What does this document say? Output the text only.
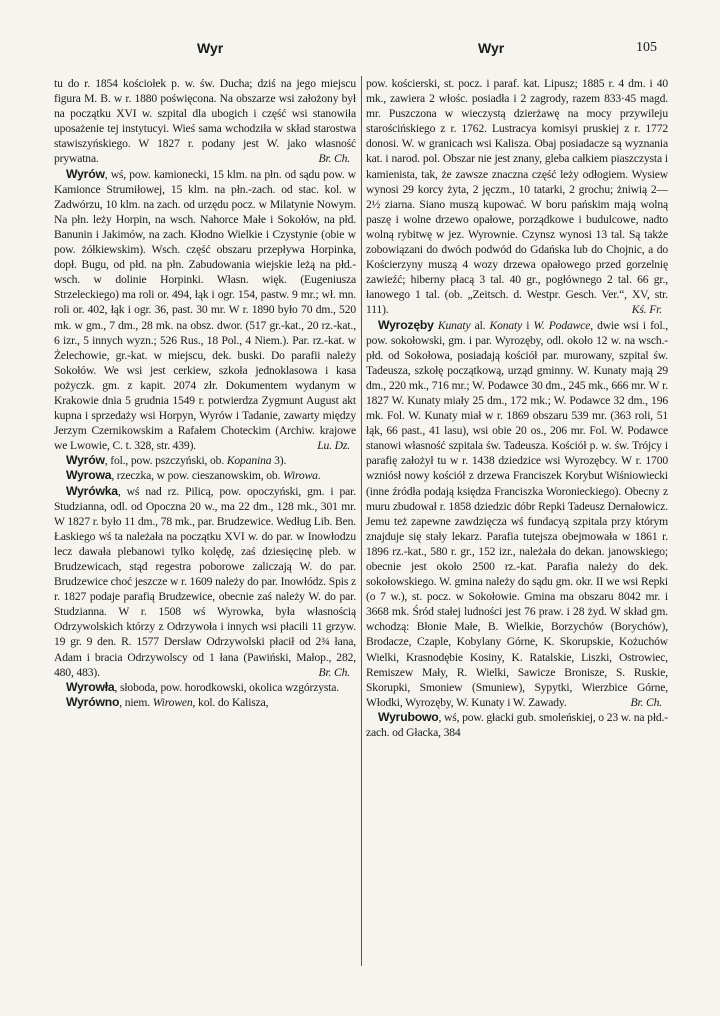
Wyr	Wyr	105

tu do r. 1854 kościołek p. w. św. Ducha; dziś na jego miejscu figura M. B. w r. 1880 poświęcona. Na obszarze wsi założony był na początku XVI w. szpital dla ubogich i część wsi stanowiła uposażenie tej instytucyi. Wieś sama wchodziła w skład starostwa stawiszyńskiego. W 1827 r. podany jest W. jako własność prywatna.	Br. Ch.

Wyrów, wś, pow. kamionecki, 15 klm. na płn. od sądu pow. w Kamionce Strumiłowej, 15 klm. na płn.-zach. od stac. kol. w Zadwórzu, 10 klm. na zach. od urzędu pocz. w Milatynie Nowym. Na płn. leży Horpin, na wsch. Nahorce Małe i Sokołów, na płd. Banunin i Jakimów, na zach. Kłodno Wielkie i Czystynie (obie w pow. żółkiewskim). Wsch. część obszaru przepływa Horpinka, dopł. Bugu, od płd. na płn. Zabudowania wiejskie leżą na płd.-wsch. w dolinie Horpinki. Własn. więk. (Eugeniusza Strzeleckiego) ma roli or. 494, łąk i ogr. 154, pastw. 9 mr.; wł. mn. roli or. 402, łąk i ogr. 36, past. 30 mr. W r. 1890 było 70 dm., 520 mk. w gm., 7 dm., 28 mk. na obsz. dwor. (517 gr.-kat., 20 rz.-kat., 6 izr., 5 innych wyzn.; 526 Rus., 18 Pol., 4 Niem.). Par. rz.-kat. w Żelechowie, gr.-kat. w miejscu, dek. buski. Do parafii należy Sokołów. We wsi jest cerkiew, szkoła jednoklasowa i kasa pożyczk. gm. z kapit. 2074 złr. Dokumentem wydanym w Krakowie dnia 5 grudnia 1549 r. potwierdza Zygmunt August akt kupna i sprzedaży wsi Horpyn, Wyrów i Tadanie, zawarty między Jerzym Czernikowskim a Rafałem Choteckim (Archiw. krajowe we Lwowie, C. t. 328, str. 439).	Lu. Dz.

Wyrów, fol., pow. pszczyński, ob. Kopanina 3).

Wyrowa, rzeczka, w pow. cieszanowskim, ob. Wirowa.

Wyrówka, wś nad rz. Pilicą, pow. opoczyński, gm. i par. Studzianna, odl. od Opoczna 20 w., ma 22 dm., 128 mk., 301 mr. W 1827 r. było 11 dm., 78 mk., par. Brudzewice. Według Lib. Ben. Łaskiego wś ta należała na początku XVI w. do par. w Inowłodzu lecz dawała plebanowi tylko kolędę, zaś dziesięcinę pleb. w Brudzewicach, stąd regestra poborowe zaliczają W. do par. Brudzewice choć jeszcze w r. 1609 należy do par. Inowłódz. Spis z r. 1827 podaje parafią Brudzewice, obecnie zaś należy W. do par. Studzianna. W r. 1508 wś Wyrowka, była własnością Odrzywolskich którzy z Odrzywoła i innych wsi płacili 11 grzyw. 19 gr. 9 den. R. 1577 Dersław Odrzywolski płacił od 2¾ łana, Adam i bracia Odrzywolscy od 1 łana (Pawiński, Małop., 282, 480, 483).	Br. Ch.

Wyrowła, słoboda, pow. horodkowski, okolica wzgórzysta.

Wyrówno, niem. Wirowen, kol. do Kalisza,

pow. kościerski, st. pocz. i paraf. kat. Lipusz; 1885 r. 4 dm. i 40 mk., zawiera 2 włośc. posiadła i 2 zagrody, razem 833·45 magd. mr. Puszczona w wieczystą dzierżawę na mocy przywileju starościńskiego z r. 1762. Lustracya komisyi pruskiej z r. 1772 donosi. W. w granicach wsi Kalisza. Obaj posiadacze są wyznania kat. i narod. pol. Obszar nie jest znany, gleba całkiem piaszczysta i kamienista, tak, że zawsze znaczna część leży odłogiem. Wysiew wynosi 29 korcy żyta, 2 jęczm., 10 tatarki, 2 grochu; żniwią 2—2½ ziarna. Siano muszą kupować. W boru pańskim mają wolną paszę i wolne drzewo opałowe, porządkowe i budulcowe, nadto wolną rybitwę w jez. Wyrownie. Czynsz wynosi 13 tal. Są także zobowiązani do dwóch podwód do Gdańska lub do Chojnic, a do Kościerzyny muszą 4 wozy drzewa opałowego przed gorzelnię zawieźć; hiberny płacą 3 tal. 40 gr., pogłównego 2 tal. 66 gr., łanowego 1 tal. (ob. „Zeitsch. d. Westpr. Gesch. Ver.“, XV, str. 111).	Kś. Fr.

Wyrozęby Kunaty al. Konaty i W. Podawce, dwie wsi i fol., pow. sokołowski, gm. i par. Wyrozęby, odl. około 12 w. na wsch.-płd. od Sokołowa, posiadają kościół par. murowany, szpital św. Tadeusza, szkołę początkową, urząd gminny. W. Kunaty mają 29 dm., 220 mk., 716 mr.; W. Podawce 30 dm., 245 mk., 666 mr. W r. 1827 W. Kunaty miały 25 dm., 172 mk.; W. Podawce 32 dm., 196 mk. Fol. W. Kunaty miał w r. 1869 obszaru 539 mr. (363 roli, 51 łąk, 66 past., 41 lasu), wsi obie 20 os., 206 mr. Fol. W. Podawce stanowi własność szpitala św. Tadeusza. Kościół p. w. św. Trójcy i parafię założył tu w r. 1438 dziedzice wsi Wyrozębcy. W r. 1700 wzniósł nowy kościół z drzewa Franciszek Korybut Wiśniowiecki (inne źródła podają księdza Franciszka Woronieckiego). Obecny z muru zbudował r. 1858 dziedzic dóbr Repki Tadeusz Dernałowicz. Jemu też zapewne zawdzięcza wś fundacyą szpitala przy którym znajduje się stały lekarz. Parafia tutejsza obejmowała w 1861 r. 1896 rz.-kat., 580 r. gr., 152 izr., należała do dekan. janowskiego; obecnie jest około 2500 rz.-kat. Parafia należy do dek. sokołowskiego. W. gmina należy do sądu gm. okr. II we wsi Repki (o 7 w.), st. pocz. w Sokołowie. Gmina ma obszaru 8042 mr. i 3668 mk. Śród stałej ludności jest 76 praw. i 28 żyd. W skład gm. wchodzą: Błonie Małe, B. Wielkie, Borzychów (Borychów), Brodacze, Czaple, Kobylany Górne, K. Skorupskie, Kożuchów Wielki, Krasnodębie Kosiny, K. Ratalskie, Liszki, Ostrowiec, Remiszew Mały, R. Wielki, Sawicze Bronisze, S. Ruskie, Skorupki, Smoniew (Smuniew), Sypytki, Wierzbice Górne, Włodki, Wyrozęby, W. Kunaty i W. Zawady.	Br. Ch.

Wyrubowo, wś, pow. głacki gub. smoleńskiej, o 23 w. na płd.-zach. od Głacka, 384
